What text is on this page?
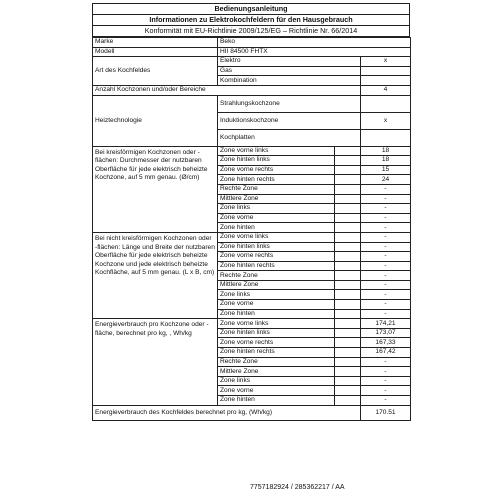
Bedienungsanleitung
Informationen zu Elektrokochfeldern für den Hausgebrauch
Konformität mit EU-Richtlinie 2009/125/EG – Richtlinie Nr. 66/2014
Marke	Beko		
Modell	HII 84500 FHTX		
Art des Kochfeldes	Elektro		x
	Gas		
	Kombination		
Anzahl Kochzonen und/oder Bereiche			4
Heiztechnologie	Strahlungskochzone		
	Induktionskochzone		x
	Kochplatten		
Bei kreisförmigen Kochzonen oder -flächen: Durchmesser der nutzbaren Oberfläche für jede elektrisch beheizte Kochzone, auf 5 mm genau. (Ø/cm)	Zone vorne links		18
	Zone hinten links		18
	Zone vorne rechts		15
	Zone hinten rechts		24
	Rechte Zone		-
	Mittlere Zone		-
	Zone links		-
	Zone vorne		-
	Zone hinten		-
Bei nicht kreisförmigen Kochzonen oder -flächen: Länge und Breite der nutzbaren Oberfläche für jede elektrisch beheizte Kochzone und jede elektrisch beheizte Kochfläche, auf 5 mm genau. (L x B, cm)	Zone vorne links		-
	Zone hinten links		-
	Zone vorne rechts		-
	Zone hinten rechts		-
	Rechte Zone		-
	Mittlere Zone		-
	Zone links		-
	Zone vorne		-
	Zone hinten		-
Energieverbrauch pro Kochzone oder -fläche, berechnet pro kg, , Wh/kg	Zone vorne links		174,21
	Zone hinten links		173,07
	Zone vorne rechts		167,33
	Zone hinten rechts		167,42
	Rechte Zone		-
	Mittlere Zone		-
	Zone links		-
	Zone vorne		-
	Zone hinten		-
Energieverbrauch des Kochfeldes berechnet pro kg, (Wh/kg)			170.51
7757182924 / 285362217 / AA
